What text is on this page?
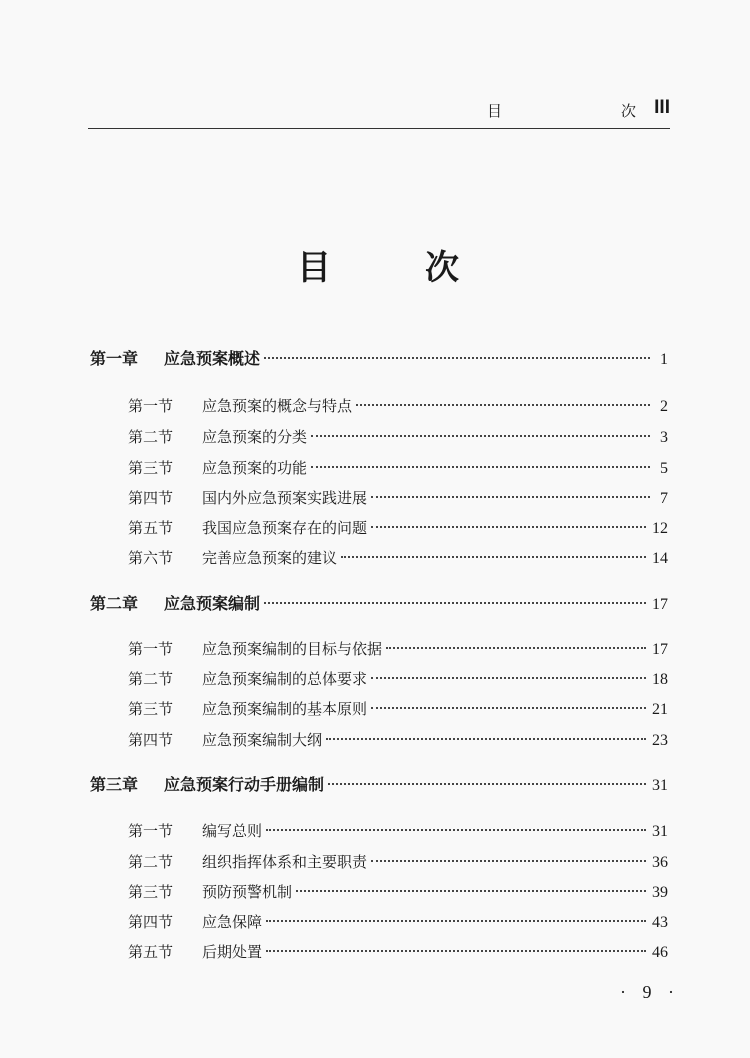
目	次 III
目	次
第一章	应急预案概述	1
第一节	应急预案的概念与特点	2
第二节	应急预案的分类	3
第三节	应急预案的功能	5
第四节	国内外应急预案实践进展	7
第五节	我国应急预案存在的问题	12
第六节	完善应急预案的建议	14
第二章	应急预案编制	17
第一节	应急预案编制的目标与依据	17
第二节	应急预案编制的总体要求	18
第三节	应急预案编制的基本原则	21
第四节	应急预案编制大纲	23
第三章	应急预案行动手册编制	31
第一节	编写总则	31
第二节	组织指挥体系和主要职责	36
第三节	预防预警机制	39
第四节	应急保障	43
第五节	后期处置	46
· 9 ·
